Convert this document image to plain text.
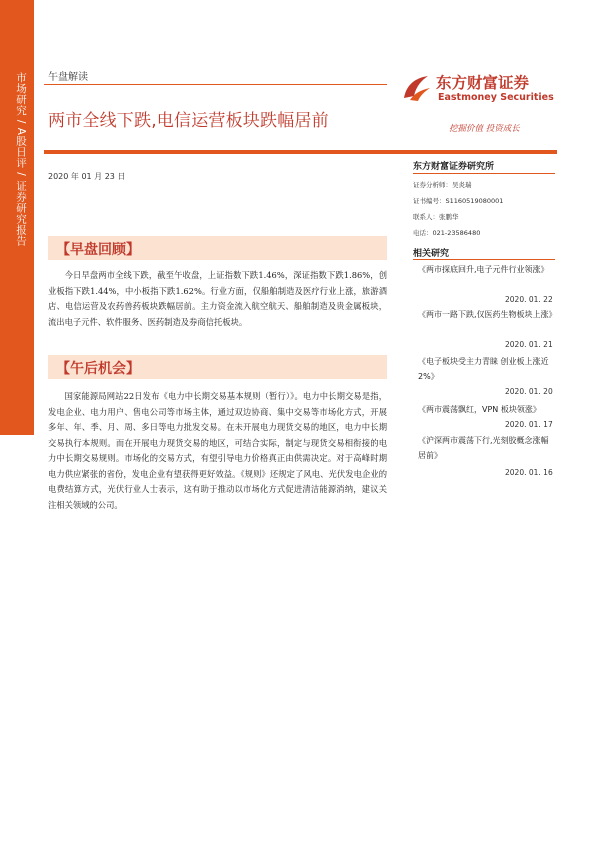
市场研究 / A股日评 / 证券研究报告 午盘解读
两市全线下跌,电信运营板块跌幅居前
2020 年 01 月 23 日
东方财富证券
Eastmoney Securities
挖掘价值 投资成长
东方财富证券研究所
证券分析师：吴炎瑞
证书编号：S1160519080001
联系人：张鹏华
电话：021-23586480
相关研究
《两市探底回升,电子元件行业领涨》
2020. 01. 22
《两市一路下跌,仅医药生物板块上涨》
2020. 01. 21
《电子板块受主力青睐 创业板上涨近 2%》
2020. 01. 20
《两市震荡飘红，VPN 板块领涨》
2020. 01. 17
《沪深两市震荡下行,光刻胶概念涨幅居前》
2020. 01. 16
【早盘回顾】
今日早盘两市全线下跌，截至午收盘，上证指数下跌1.46%，深证指数下跌1.86%，创业板指下跌1.44%，中小板指下跌1.62%。行业方面，仅船舶制造及医疗行业上涨，旅游酒店、电信运营及农药兽药板块跌幅居前。主力资金流入航空航天、船舶制造及贵金属板块，流出电子元件、软件服务、医药制造及券商信托板块。
【午后机会】
国家能源局网站22日发布《电力中长期交易基本规则（暂行）》。电力中长期交易是指，发电企业、电力用户、售电公司等市场主体，通过双边协商、集中交易等市场化方式，开展多年、年、季、月、周、多日等电力批发交易。在未开展电力现货交易的地区，电力中长期交易执行本规则。而在开展电力现货交易的地区，可结合实际，制定与现货交易相衔接的电力中长期交易规则。市场化的交易方式，有望引导电力价格真正由供需决定。对于高峰时期电力供应紧张的省份，发电企业有望获得更好效益。《规则》还规定了风电、光伏发电企业的电费结算方式，光伏行业人士表示，这有助于推动以市场化方式促进清洁能源消纳，建议关注相关领域的公司。
